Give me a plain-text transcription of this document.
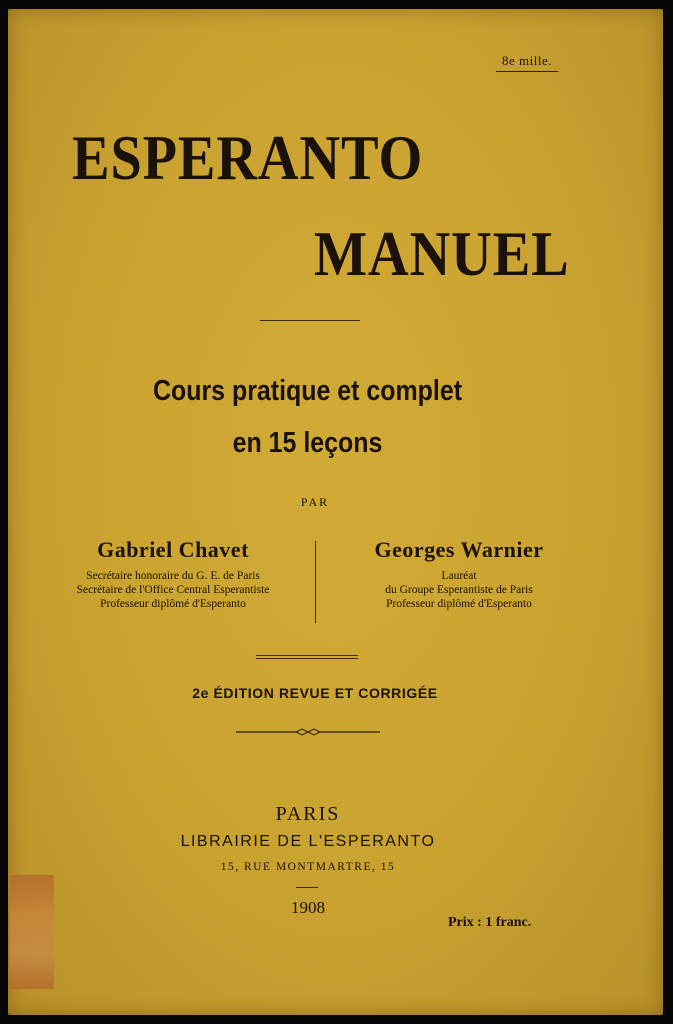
8e mille.
ESPERANTO
MANUEL
Cours pratique et complet
en 15 leçons
PAR
Gabriel Chavet
Secrétaire honoraire du G. E. de Paris
Secrétaire de l'Office Central Esperantiste
Professeur diplômé d'Esperanto
Georges Warnier
Lauréat
du Groupe Esperantiste de Paris
Professeur diplômé d'Esperanto
2e ÉDITION REVUE ET CORRIGÉE
PARIS
LIBRAIRIE DE L'ESPERANTO
15, RUE MONTMARTRE, 15
1908
Prix : 1 franc.
